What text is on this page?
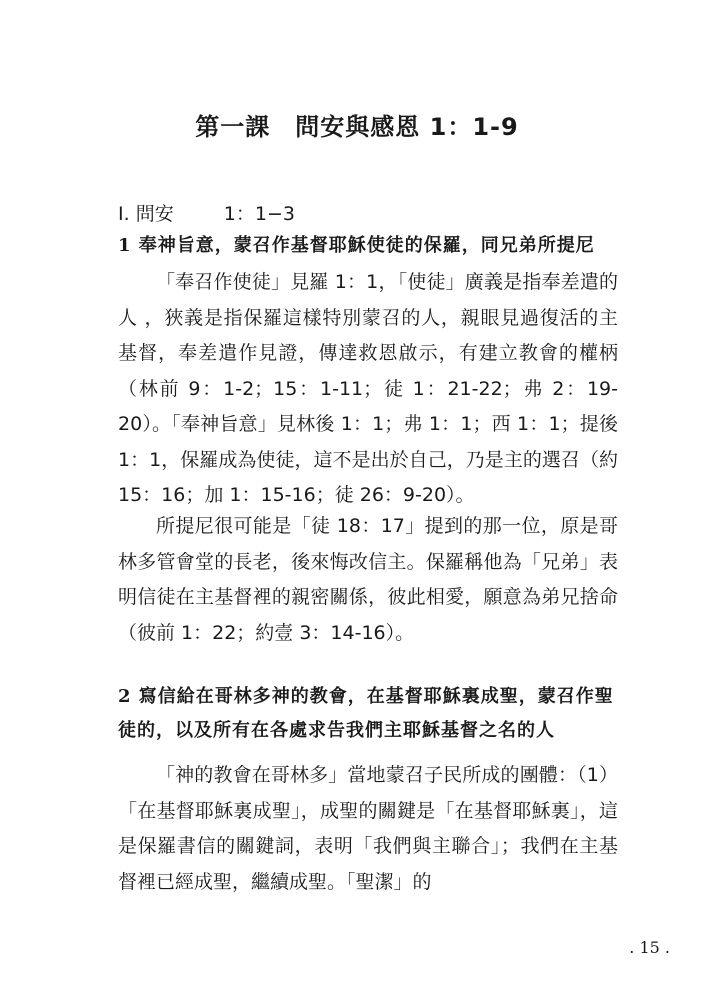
第一課　問安與感恩 1：1-9
I. 問安	1：1−3
1 奉神旨意，蒙召作基督耶穌使徒的保羅，同兄弟所提尼
「奉召作使徒」見羅 1：1，「使徒」廣義是指奉差遣的人 ，狹義是指保羅這樣特別蒙召的人，親眼見過復活的主基督，奉差遣作見證，傳達救恩啟示，有建立教會的權柄（林前 9：1-2；15：1-11；徒 1：21-22；弗 2：19-20）。「奉神旨意」見林後 1：1；弗 1：1；西 1：1；提後 1：1，保羅成為使徒，這不是出於自己，乃是主的選召（約 15：16；加 1：15-16；徒 26：9-20）。
所提尼很可能是「徒 18：17」提到的那一位，原是哥林多管會堂的長老，後來悔改信主。保羅稱他為「兄弟」表明信徒在主基督裡的親密關係，彼此相愛，願意為弟兄捨命（彼前 1：22；約壹 3：14-16）。
2 寫信給在哥林多神的教會，在基督耶穌裏成聖，蒙召作聖徒的，以及所有在各處求告我們主耶穌基督之名的人
「神的教會在哥林多」當地蒙召子民所成的團體：（1）「在基督耶穌裏成聖」，成聖的關鍵是「在基督耶穌裏」，這是保羅書信的關鍵詞，表明「我們與主聯合」；我們在主基督裡已經成聖，繼續成聖。「聖潔」的
. 15 .
